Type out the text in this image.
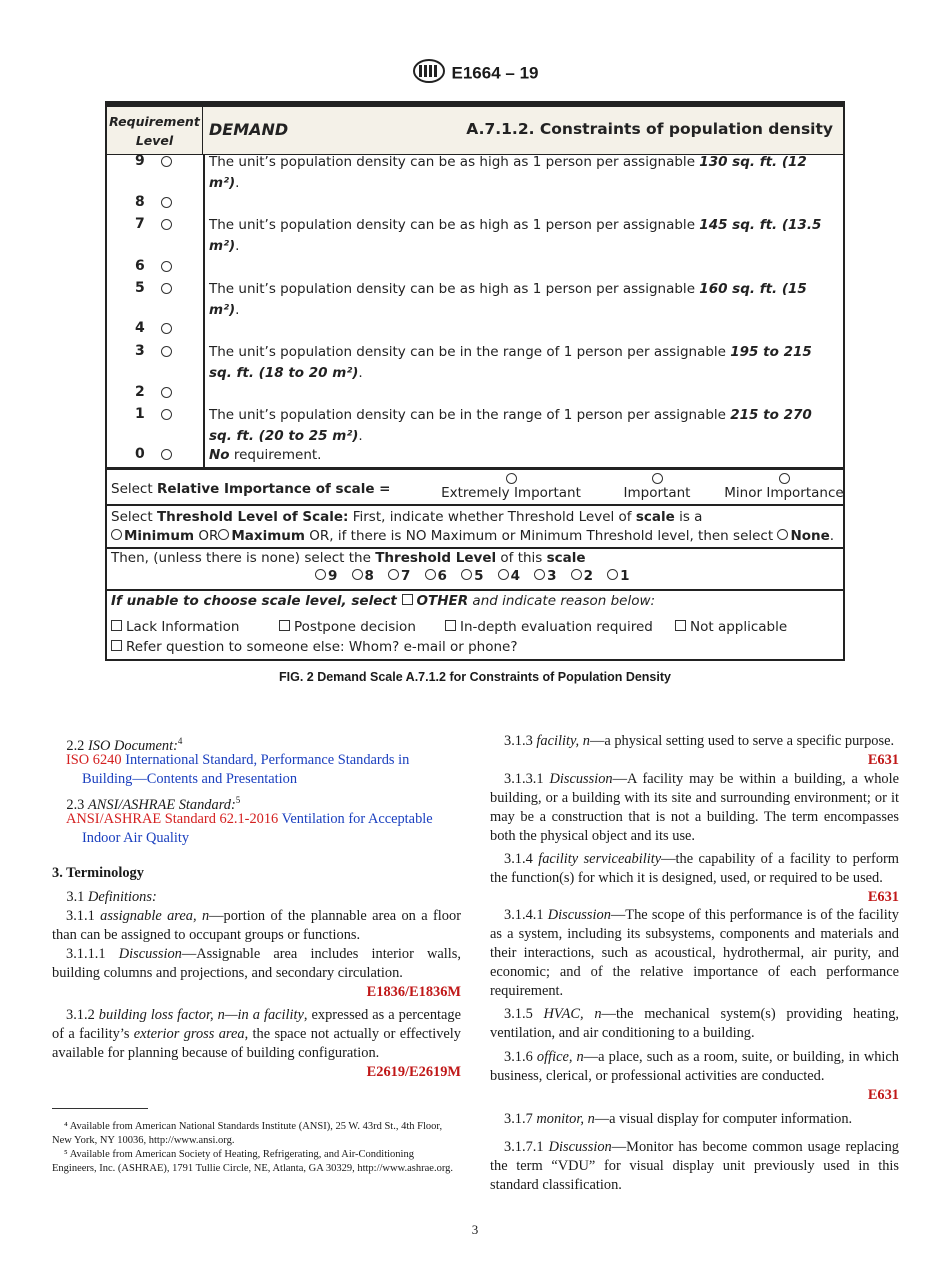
E1664 – 19
Requirement
Level
DEMAND	A.7.1.2. Constraints of population density
9	The unit’s population density can be as high as 1 person per assignable 130 sq. ft. (12 m²).
8
7	The unit’s population density can be as high as 1 person per assignable 145 sq. ft. (13.5 m²).
6
5	The unit’s population density can be as high as 1 person per assignable 160 sq. ft. (15 m²).
4
3	The unit’s population density can be in the range of 1 person per assignable 195 to 215 sq. ft. (18 to 20 m²).
2
1	The unit’s population density can be in the range of 1 person per assignable 215 to 270 sq. ft. (20 to 25 m²).
0	No requirement.
Select Relative Importance of scale =	Extremely Important	Important	Minor Importance
Select Threshold Level of Scale: First, indicate whether Threshold Level of scale is a
Minimum OR Maximum OR, if there is NO Maximum or Minimum Threshold level, then select None.
Then, (unless there is none) select the Threshold Level of this scale
9 8 7 6 5 4 3 2 1
If unable to choose scale level, select OTHER and indicate reason below:
Lack Information	Postpone decision	In-depth evaluation required	Not applicable
Refer question to someone else: Whom? e-mail or phone?
FIG. 2 Demand Scale A.7.1.2 for Constraints of Population Density
2.2 ISO Document:$^4$
ISO 6240 International Standard, Performance Standards in Building—Contents and Presentation
2.3 ANSI/ASHRAE Standard:$^5$
ANSI/ASHRAE Standard 62.1-2016 Ventilation for Acceptable Indoor Air Quality
3. Terminology
3.1 Definitions:
3.1.1 assignable area, n—portion of the plannable area on a floor than can be assigned to occupant groups or functions.
3.1.1.1 Discussion—Assignable area includes interior walls, building columns and projections, and secondary circulation.
E1836/E1836M
3.1.2 building loss factor, n—in a facility, expressed as a percentage of a facility’s exterior gross area, the space not actually or effectively available for planning because of building configuration.
E2619/E2619M
⁴ Available from American National Standards Institute (ANSI), 25 W. 43rd St., 4th Floor, New York, NY 10036, http://www.ansi.org.
⁵ Available from American Society of Heating, Refrigerating, and Air-Conditioning Engineers, Inc. (ASHRAE), 1791 Tullie Circle, NE, Atlanta, GA 30329, http://www.ashrae.org.
3.1.3 facility, n—a physical setting used to serve a specific purpose.
E631
3.1.3.1 Discussion—A facility may be within a building, a whole building, or a building with its site and surrounding environment; or it may be a construction that is not a building. The term encompasses both the physical object and its use.
3.1.4 facility serviceability—the capability of a facility to perform the function(s) for which it is designed, used, or required to be used.
E631
3.1.4.1 Discussion—The scope of this performance is of the facility as a system, including its subsystems, components and materials and their interactions, such as acoustical, hydrothermal, air purity, and economic; and of the relative importance of each performance requirement.
3.1.5 HVAC, n—the mechanical system(s) providing heating, ventilation, and air conditioning to a building.
3.1.6 office, n—a place, such as a room, suite, or building, in which business, clerical, or professional activities are conducted.
E631
3.1.7 monitor, n—a visual display for computer information.
3.1.7.1 Discussion—Monitor has become common usage replacing the term “VDU” for visual display unit previously used in this standard classification.
3
